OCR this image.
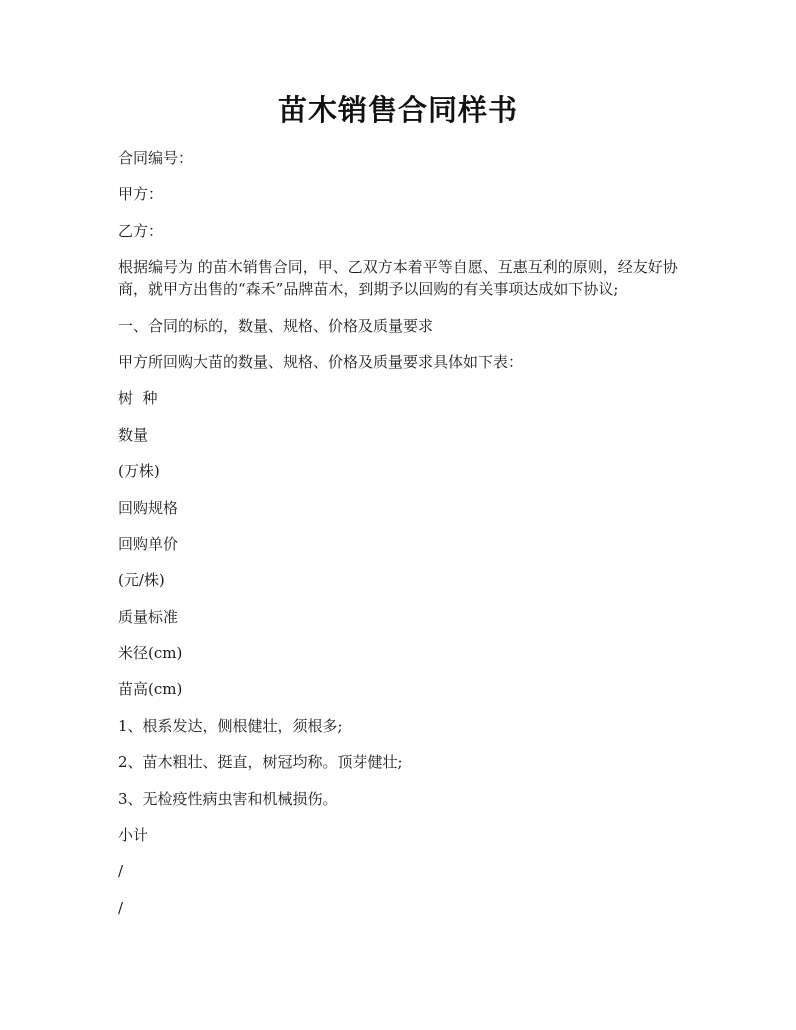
苗木销售合同样书

合同编号：

甲方：

乙方：

根据编号为 的苗木销售合同，甲、乙双方本着平等自愿、互惠互利的原则，经友好协商，就甲方出售的“森禾”品牌苗木，到期予以回购的有关事项达成如下协议;

一、合同的标的，数量、规格、价格及质量要求

甲方所回购大苗的数量、规格、价格及质量要求具体如下表：

树  种

数量

(万株)

回购规格

回购单价

(元/株)

质量标准

米径(cm)

苗高(cm)

1、根系发达，侧根健壮，须根多;

2、苗木粗壮、挺直，树冠均称。顶芽健壮;

3、无检疫性病虫害和机械损伤。

小计

/

/
